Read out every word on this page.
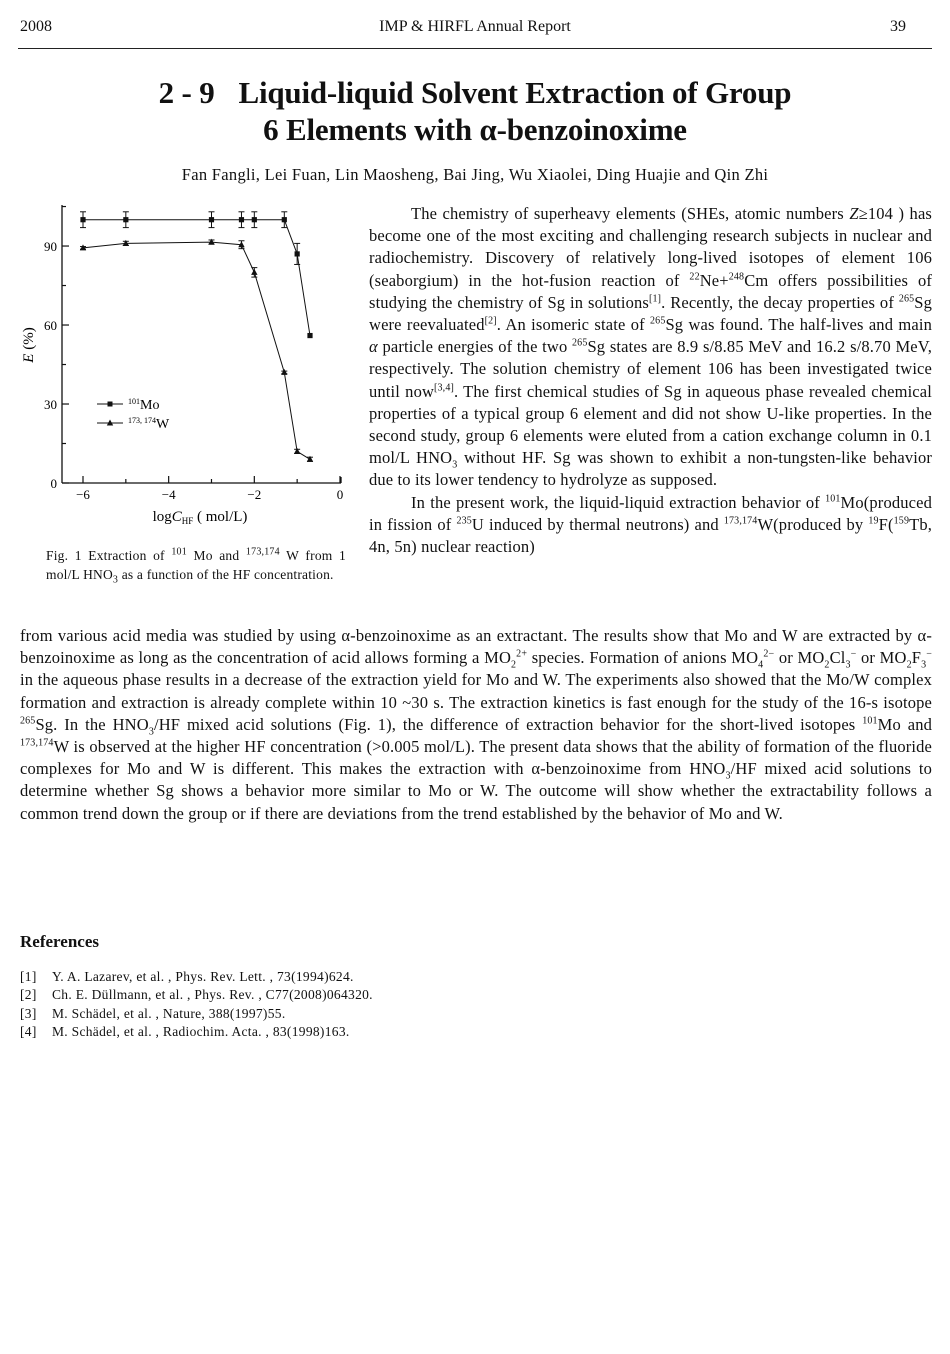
2008	IMP & HIRFL Annual Report	39
2 - 9 Liquid-liquid Solvent Extraction of Group
6 Elements with α-benzoinoxime
Fan Fangli, Lei Fuan, Lin Maosheng, Bai Jing, Wu Xiaolei, Ding Huajie and Qin Zhi
0
30
60
90
−6	−4	−2	0
logC$_{HF}$ ( mol/L)
E (%)
$^{101}$Mo
$^{173, 174}$W
Fig. 1 Extraction of $^{101}$ Mo and $^{173,174}$ W from 1 mol/L $HNO_3$ as a function of the HF concentration.

The chemistry of superheavy elements (SHEs, atomic numbers Z≥104 ) has become one of the most exciting and challenging research subjects in nuclear and radiochemistry. Discovery of relatively long-lived isotopes of element 106 (seaborgium) in the hot-fusion reaction of $^{22}$Ne+$^{248}$Cm offers possibilities of studying the chemistry of Sg in solutions[1]. Recently, the decay properties of $^{265}$Sg were reevaluated[2]. An isomeric state of $^{265}$Sg was found. The half-lives and main α particle energies of the two $^{265}$Sg states are 8.9 s/8.85 MeV and 16.2 s/8.70 MeV, respectively. The solution chemistry of element 106 has been investigated twice until now[3,4]. The first chemical studies of Sg in aqueous phase revealed chemical properties of a typical group 6 element and did not show U-like properties. In the second study, group 6 elements were eluted from a cation exchange column in 0.1 mol/L $HNO_3$ without HF. Sg was shown to exhibit a non-tungsten-like behavior due to its lower tendency to hydrolyze as supposed.

In the present work, the liquid-liquid extraction behavior of $^{101}$Mo(produced in fission of $^{235}$U induced by thermal neutrons) and $^{173,174}$W(produced by $^{19}$F($^{159}$Tb, 4n, 5n) nuclear reaction)

from various acid media was studied by using α-benzoinoxime as an extractant. The results show that Mo and W are extracted by α-benzoinoxime as long as the concentration of acid allows forming a $MO_2^{2+}$ species. Formation of anions $MO_4^{2-}$ or $MO_2Cl_3^-$ or $MO_2F_3^-$ in the aqueous phase results in a decrease of the extraction yield for Mo and W. The experiments also showed that the Mo/W complex formation and extraction is already complete within 10 ~30 s. The extraction kinetics is fast enough for the study of the 16-s isotope $^{265}$Sg. In the $HNO_3/HF$ mixed acid solutions (Fig. 1), the difference of extraction behavior for the short-lived isotopes $^{101}$Mo and $^{173,174}$W is observed at the higher HF concentration (>0.005 mol/L). The present data shows that the ability of formation of the fluoride complexes for Mo and W is different. This makes the extraction with α-benzoinoxime from $HNO_3/HF$ mixed acid solutions to determine whether Sg shows a behavior more similar to Mo or W. The outcome will show whether the extractability follows a common trend down the group or if there are deviations from the trend established by the behavior of Mo and W.

References
[1] Y. A. Lazarev, et al. , Phys. Rev. Lett. , 73(1994)624.
[2] Ch. E. Düllmann, et al. , Phys. Rev. , C77(2008)064320.
[3] M. Schädel, et al. , Nature, 388(1997)55.
[4] M. Schädel, et al. , Radiochim. Acta. , 83(1998)163.
